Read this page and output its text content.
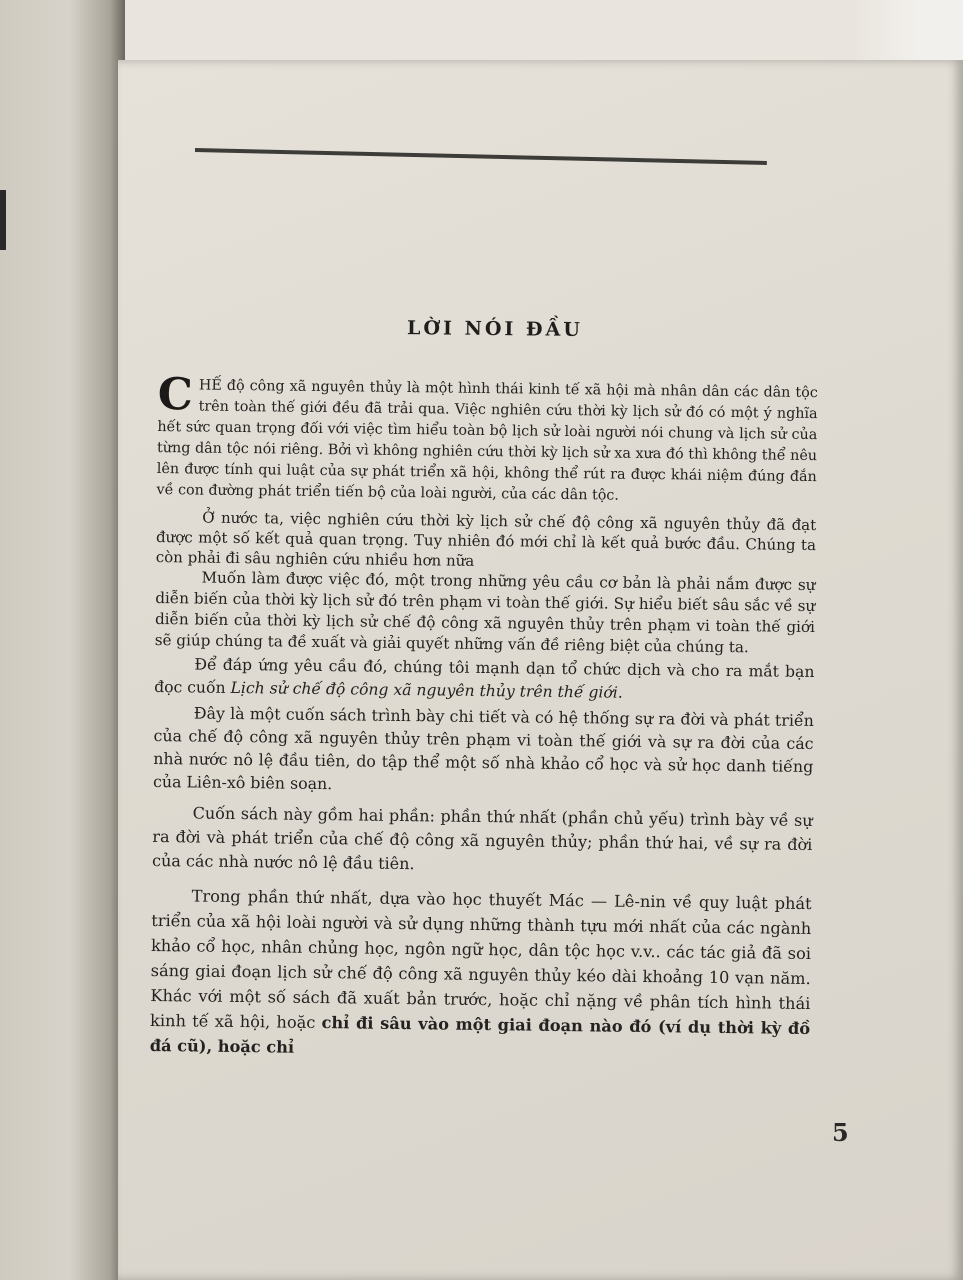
LỜI NÓI ĐẦU

CHẾ độ công xã nguyên thủy là một hình thái kinh tế xã hội mà nhân dân các dân tộc trên toàn thế giới đều đã trải qua. Việc nghiên cứu thời kỳ lịch sử đó có một ý nghĩa hết sức quan trọng đối với việc tìm hiểu toàn bộ lịch sử loài người nói chung và lịch sử của từng dân tộc nói riêng. Bởi vì không nghiên cứu thời kỳ lịch sử xa xưa đó thì không thể nêu lên được tính qui luật của sự phát triển xã hội, không thể rút ra được khái niệm đúng đắn về con đường phát triển tiến bộ của loài người, của các dân tộc.

Ở nước ta, việc nghiên cứu thời kỳ lịch sử chế độ công xã nguyên thủy đã đạt được một số kết quả quan trọng. Tuy nhiên đó mới chỉ là kết quả bước đầu. Chúng ta còn phải đi sâu nghiên cứu nhiều hơn nữa

Muốn làm được việc đó, một trong những yêu cầu cơ bản là phải nắm được sự diễn biến của thời kỳ lịch sử đó trên phạm vi toàn thế giới. Sự hiểu biết sâu sắc về sự diễn biến của thời kỳ lịch sử chế độ công xã nguyên thủy trên phạm vi toàn thế giới sẽ giúp chúng ta đề xuất và giải quyết những vấn đề riêng biệt của chúng ta.

Để đáp ứng yêu cầu đó, chúng tôi mạnh dạn tổ chức dịch và cho ra mắt bạn đọc cuốn Lịch sử chế độ công xã nguyên thủy trên thế giới.

Đây là một cuốn sách trình bày chi tiết và có hệ thống sự ra đời và phát triển của chế độ công xã nguyên thủy trên phạm vi toàn thế giới và sự ra đời của các nhà nước nô lệ đầu tiên, do tập thể một số nhà khảo cổ học và sử học danh tiếng của Liên-xô biên soạn.

Cuốn sách này gồm hai phần: phần thứ nhất (phần chủ yếu) trình bày về sự ra đời và phát triển của chế độ công xã nguyên thủy; phần thứ hai, về sự ra đời của các nhà nước nô lệ đầu tiên.

Trong phần thứ nhất, dựa vào học thuyết Mác — Lê-nin về quy luật phát triển của xã hội loài người và sử dụng những thành tựu mới nhất của các ngành khảo cổ học, nhân chủng học, ngôn ngữ học, dân tộc học v.v.. các tác giả đã soi sáng giai đoạn lịch sử chế độ công xã nguyên thủy kéo dài khoảng 10 vạn năm. Khác với một số sách đã xuất bản trước, hoặc chỉ nặng về phân tích hình thái kinh tế xã hội, hoặc chỉ đi sâu vào một giai đoạn nào đó (ví dụ thời kỳ đồ đá cũ), hoặc chỉ

5
